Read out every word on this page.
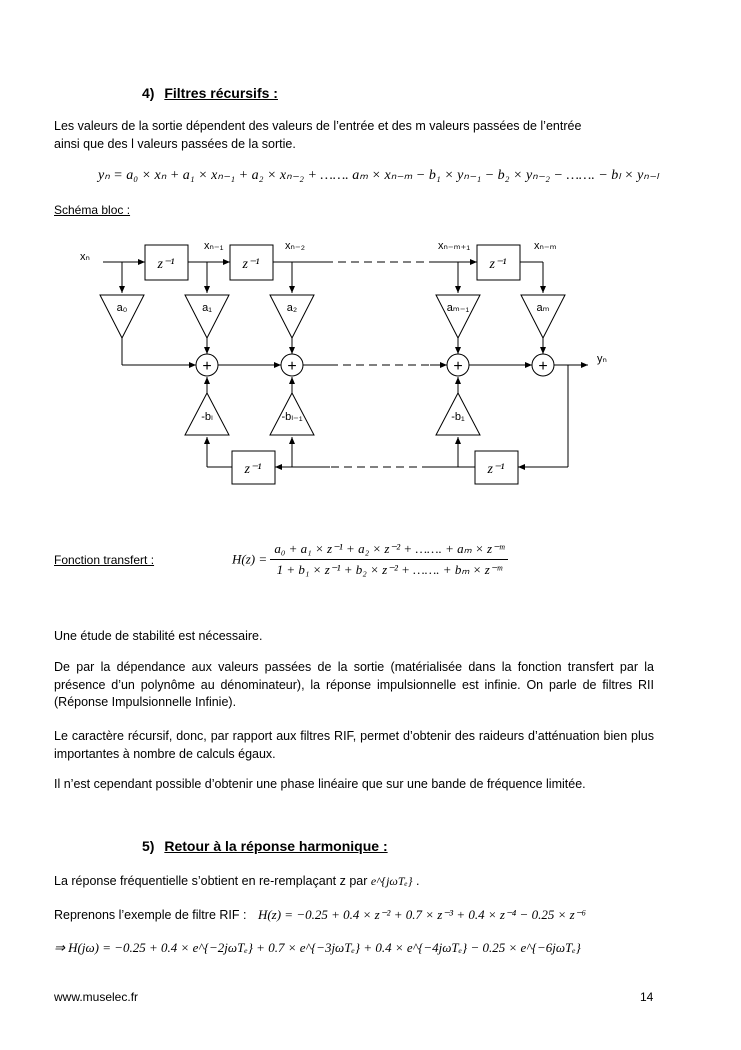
4) Filtres récursifs :
Les valeurs de la sortie dépendent des valeurs de l’entrée et des m valeurs passées de l’entrée
ainsi que des l valeurs passées de la sortie.
yₙ = a₀ × xₙ + a₁ × xₙ₋₁ + a₂ × xₙ₋₂ + ……. aₘ × xₙ₋ₘ − b₁ × yₙ₋₁ − b₂ × yₙ₋₂ − ……. − bₗ × yₙ₋ₗ
Schéma bloc :
z⁻¹	z⁻¹	z⁻¹
z⁻¹	z⁻¹
a₀	a₁	a₂	aₘ₋₁	aₘ
-bₗ	-bₗ₋₁	-b₁
+	+	+	+
xₙ
xₙ₋₁	xₙ₋₂	xₙ₋ₘ₊₁	xₙ₋ₘ
yₙ
Fonction transfert :	$H(z) = \frac{\text{a₀ + a₁ × z⁻¹ + a₂ × z⁻² + ……. + aₘ × z⁻ᵐ}}{\text{1 + b₁ × z⁻¹ + b₂ × z⁻² + ……. + bₘ × z⁻ᵐ}}$
Une étude de stabilité est nécessaire.
De par la dépendance aux valeurs passées de la sortie (matérialisée dans la fonction transfert par la présence d’un polynôme au dénominateur), la réponse impulsionnelle est infinie. On parle de filtres RII (Réponse Impulsionnelle Infinie).
Le caractère récursif, donc, par rapport aux filtres RIF, permet d’obtenir des raideurs d’atténuation bien plus importantes à nombre de calculs égaux.
Il n’est cependant possible d’obtenir une phase linéaire que sur une bande de fréquence limitée.
5) Retour à la réponse harmonique :
La réponse fréquentielle s’obtient en re-remplaçant z par e^{jωTₑ} .
Reprenons l’exemple de filtre RIF : H(z) = −0.25 + 0.4 × z⁻² + 0.7 × z⁻³ + 0.4 × z⁻⁴ − 0.25 × z⁻⁶
⇒ H(jω) = −0.25 + 0.4 × e^{−2jωTₑ} + 0.7 × e^{−3jωTₑ} + 0.4 × e^{−4jωTₑ} − 0.25 × e^{−6jωTₑ}
www.muselec.fr	14
